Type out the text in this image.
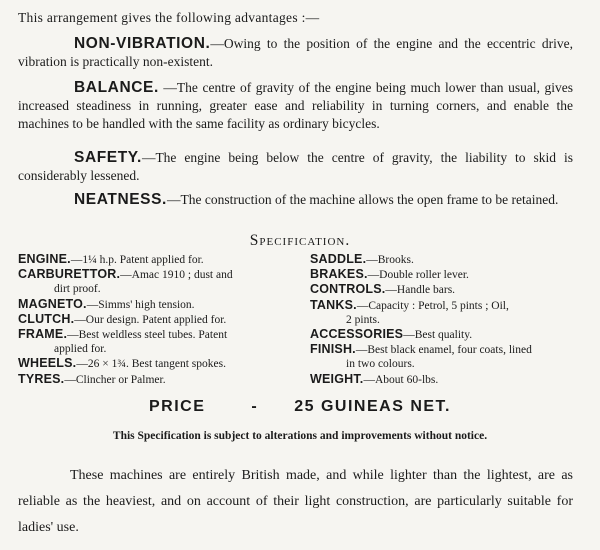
This arrangement gives the following advantages :—
NON-VIBRATION.—Owing to the position of the engine and the eccentric drive, vibration is practically non-existent.
BALANCE. —The centre of gravity of the engine being much lower than usual, gives increased steadiness in running, greater ease and reliability in turning corners, and enable the machines to be handled with the same facility as ordinary bicycles.
SAFETY.—The engine being below the centre of gravity, the liability to skid is considerably lessened.
NEATNESS.—The construction of the machine allows the open frame to be retained.
Specification.
ENGINE.—1¼ h.p. Patent applied for.
CARBURETTOR.—Amac 1910 ; dust and
dirt proof.
MAGNETO.—Simms' high tension.
CLUTCH.—Our design. Patent applied for.
FRAME.—Best weldless steel tubes. Patent
applied for.
WHEELS.—26 × 1¾. Best tangent spokes.
TYRES.—Clincher or Palmer.
SADDLE.—Brooks.
BRAKES.—Double roller lever.
CONTROLS.—Handle bars.
TANKS.—Capacity : Petrol, 5 pints ; Oil,
2 pints.
ACCESSORIES—Best quality.
FINISH.—Best black enamel, four coats, lined
in two colours.
WEIGHT.—About 60-lbs.
PRICE	- 25 GUINEAS NET.
This Specification is subject to alterations and improvements without notice.
These machines are entirely British made, and while lighter than the lightest, are as reliable as the heaviest, and on account of their light construction, are particularly suitable for ladies' use.
